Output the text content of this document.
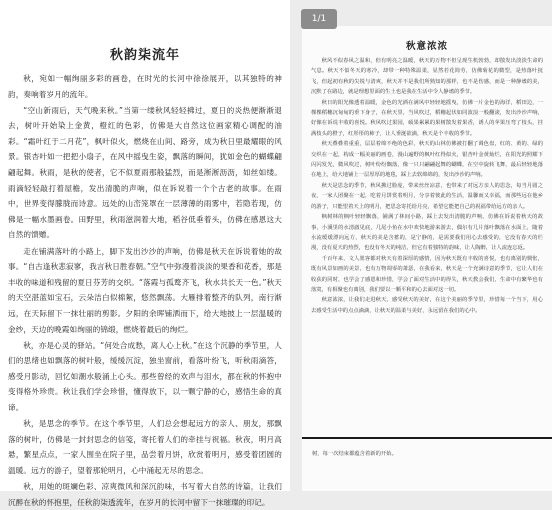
秋韵柒流年

秋，宛如一幅绚丽多彩的画卷，在时光的长河中徐徐展开，以其独特的神韵，奏响着岁月的流年。

“空山新雨后，天气晚来秋。”当第一缕秋风轻轻拂过，夏日的炎热便渐渐退去，树叶开始染上金黄，橙红的色彩，仿佛是大自然这位画家精心调配的油彩。“霜叶红于二月花”，枫叶似火，燃烧在山间、路旁，成为秋日里最耀眼的风景。银杏叶如一把把小扇子，在风中摇曳生姿，飘落的瞬间，犹如金色的蝴蝶翩翩起舞。秋雨，是秋的使者，它不似夏雨那般猛烈，而是淅淅沥沥，如丝如缕。雨滴轻轻敲打着屋檐，发出清脆的声响，似在诉说着一个个古老的故事。在雨中，世界变得朦胧而诗意。远处的山峦笼罩在一层薄薄的雨雾中，若隐若现，仿佛是一幅水墨画卷。田野里，秋雨滋润着大地，稻谷低垂着头，仿佛在感恩这大自然的馈赠。

走在铺满落叶的小路上，脚下发出沙沙的声响，仿佛是秋天在诉说着她的故事。“自古逢秋悲寂寥，我言秋日胜春朝。”空气中弥漫着淡淡的果香和花香，那是丰收的味道和残留的夏日芬芳的交织。“落霞与孤鹜齐飞，秋水共长天一色。”秋天的天空湛蓝如宝石，云朵洁白似棉絮，悠然飘荡。大雁排着整齐的队列，南行渐远，在天际留下一抹壮丽的剪影。夕阳的余晖铺洒而下，给大地披上一层温暖的金纱，天边的晚霞如绚丽的锦缎，燃烧着最后的绚烂。

秋，亦是心灵的驿站。“何处合成愁，离人心上秋。”在这个沉静的季节里，人们的思绪也如飘落的树叶般，缓缓沉淀，独坐窗前，看落叶纷飞，听秋雨滴答，感受月影动，回忆如潮水般涌上心头。那些曾经的欢声与泪水，都在秋的怀抱中变得格外珍贵。秋让我们学会珍惜，懂得放下，以一颗宁静的心，感悟生命的真谛。

秋，是思念的季节。在这个季节里，人们总会想起远方的亲人、朋友，那飘落的树叶，仿佛是一封封思念的信笺，寄托着人们的牵挂与祝福。秋夜，明月高悬，繁星点点，一家人围坐在院子里，品尝着月饼，欣赏着明月，感受着团圆的温暖。远方的游子，望着那轮明月，心中涌起无尽的思念。

秋，用她的斑斓色彩、凉爽微风和深沉韵味，书写着大自然的诗篇，让我们沉醉在秋的怀抱里，任秋韵柒透流年，在岁月的长河中留下一抹璀璨的印记。

秋意浓浓

秋风不似春风之温和，但有明亮之温暖，秋天的万物不但呈现生机勃勃，却散发出淡淡生命的气息。秋天不似冬天的寒冷，却带一种特殊温柔，显然若花简劳，仿佛菊花的微型，是热落叶抚飞，但起初有秋的尖锐与清爽，秋天并不是我们所熟知的那样，也不是伤感，而是一种静谧的美，沉默了在路边，就是理想里面的生土也是我在生活中令人静谧的季节。

秋日的阳光像透着温暖，金色的光洒在满风中轻轻地摇曳，仿佛一片金色的海洋，稻田边，一棵棵稻穗沉甸甸的垂下身子，在秋天里，当风吹过，稻穗起伏如同波浪一般翻滚，发出沙沙声响，好像在诉说丰收的喜悦。秋风吹过果园，硕果累累的果树散发着果香，诱人的苹果压弯了枝头，挂满枝头的橙子，红彤彤的柿子，让人垂涎欲滴，秋天是个丰收的季节。

秋天叠叠着重重，层层着绵不绝的色彩，秋天的山林仿佛被打翻了调色盘，红的、黄的、绿的交织在一起，构成一幅美丽的画卷，漫山遍野的枫叶红得似火，银杏叶金黄灿烂，在阳光的照耀下闪闪发光，微风吹过，树叶纷纷飘落，像一只只翩翩起舞的蝴蝶，在空中旋转飞舞，最后轻轻地落在地上，给大地铺上一层厚厚的地毯，踩上去软绵绵的，发出沙沙的声响。

秋天是思念的季节，秋风拂过脸庞，带来丝丝凉意，也带来了对远方亲人的思念，每当月圆之夜，一家人团聚在一起，吃着月饼赏着明月，分享着彼此的生活，温馨而又幸福，而那些远在他乡的游子，只能望着天上的明月，把思念寄托给月亮，希望它能把自己的祝福带给远方的亲人。

枫树林的枫叶轻轻飘落，铺满了林间小路，踩上去发出清脆的声响，仿佛在诉说着秋天的故事，小溪里的水清澈见底，几尾小鱼在水中欢快地游来游去，偶尔有几片落叶飘落在水面上，随着水流缓缓漂向远方，秋天的美是含蓄的，是宁静的，是需要我们用心去感受的，它没有春天的烂漫，没有夏天的热烈，也没有冬天的纯洁，但它有着独特的韵味，让人陶醉，让人流连忘返。

千百年来，文人墨客都对秋天有着深厚的感情，因为秋天既有丰收的喜悦，也有离别的惆怅，既有风景如画的美景，也有万物凋零的萧瑟，在我看来，秋天是一个充满诗意的季节，它让人们在收获的同时，也学会了感恩和珍惜，学会了面对生活中的得失，秋天教会我们，生命中有繁华也有落寞，有相聚也有离别，我们要以一颗平和的心去面对这一切。

秋意浓浓，让我们走进秋天，感受秋天的美好，在这个美丽的季节里，珍惜每一个当下，用心去感受生活中的点点滴滴，让秋天的温柔与美好，永远留在我们的心中。

树，每一次结束都蕴含着新的开始。
1/1
